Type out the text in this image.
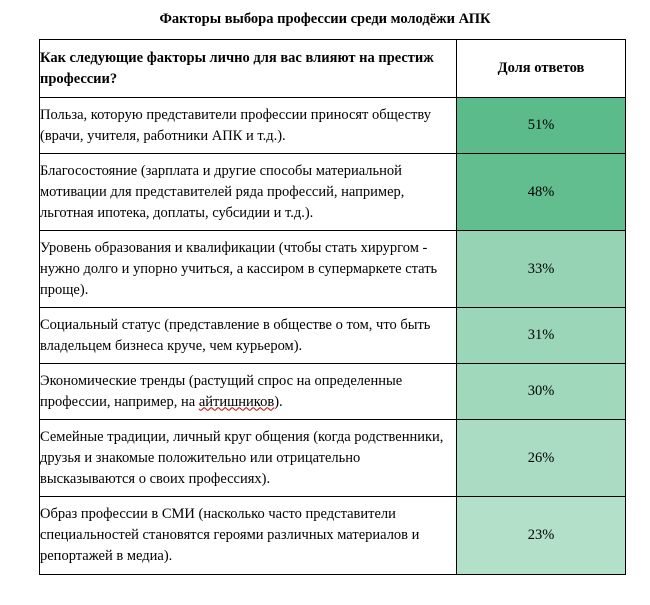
Факторы выбора профессии среди молодёжи АПК
Как следующие факторы лично для вас влияют на престиж профессии?	Доля ответов
Польза, которую представители профессии приносят обществу (врачи, учителя, работники АПК и т.д.).	51%
Благосостояние (зарплата и другие способы материальной мотивации для представителей ряда профессий, например, льготная ипотека, доплаты, субсидии и т.д.).	48%
Уровень образования и квалификации (чтобы стать хирургом - нужно долго и упорно учиться, а кассиром в супермаркете стать проще).	33%
Социальный статус (представление в обществе о том, что быть владельцем бизнеса круче, чем курьером).	31%
Экономические тренды (растущий спрос на определенные профессии, например, на айтишников).	30%
Семейные традиции, личный круг общения (когда родственники, друзья и знакомые положительно или отрицательно высказываются о своих профессиях).	26%
Образ профессии в СМИ (насколько часто представители специальностей становятся героями различных материалов и репортажей в медиа).	23%
